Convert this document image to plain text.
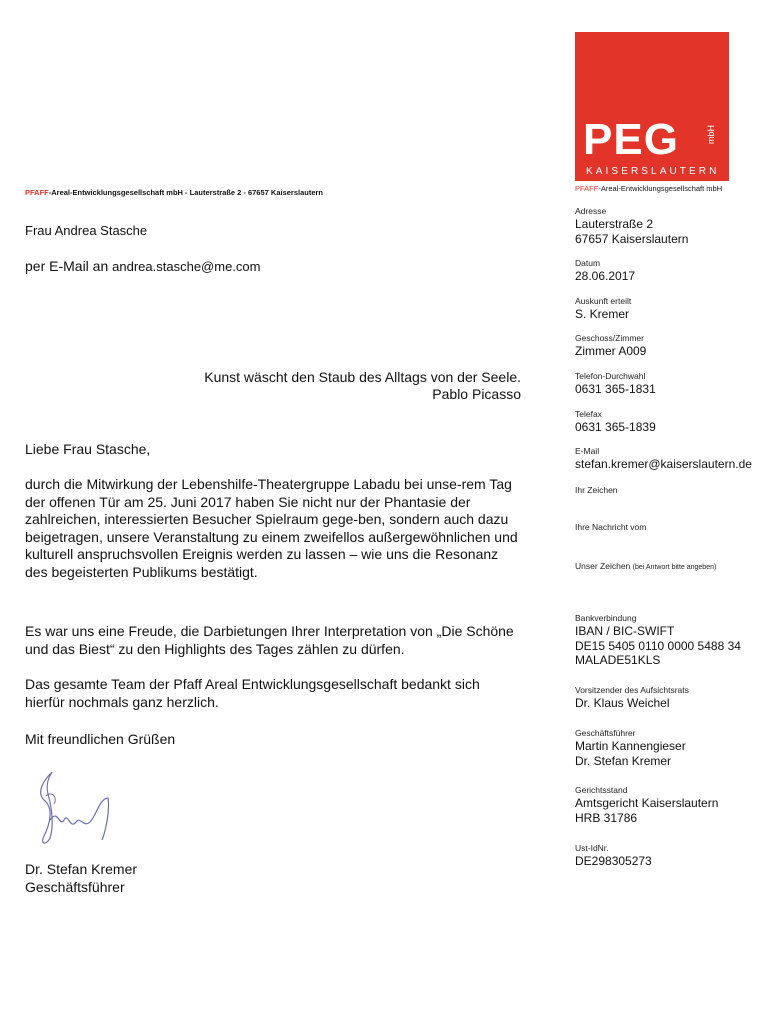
PEG	mbH
KAISERSLAUTERN
PFAFF-Areal-Entwicklungsgesellschaft mbH
PFAFF-Areal-Entwicklungsgesellschaft mbH - Lauterstraße 2 - 67657 Kaiserslautern
Frau Andrea Stasche
per E-Mail an andrea.stasche@me.com
Kunst wäscht den Staub des Alltags von der Seele.
Pablo Picasso
Liebe Frau Stasche,

durch die Mitwirkung der Lebenshilfe-Theatergruppe Labadu bei unse-rem Tag der offenen Tür am 25. Juni 2017 haben Sie nicht nur der Phantasie der zahlreichen, interessierten Besucher Spielraum gege-ben, sondern auch dazu beigetragen, unsere Veranstaltung zu einem zweifellos außergewöhnlichen und kulturell anspruchsvollen Ereignis werden zu lassen – wie uns die Resonanz des begeisterten Publikums bestätigt.

Es war uns eine Freude, die Darbietungen Ihrer Interpretation von „Die Schöne und das Biest“ zu den Highlights des Tages zählen zu dürfen.

Das gesamte Team der Pfaff Areal Entwicklungsgesellschaft bedankt sich hierfür nochmals ganz herzlich.

Mit freundlichen Grüßen
Dr. Stefan Kremer
Geschäftsführer
Adresse
Lauterstraße 2
67657 Kaiserslautern
Datum
28.06.2017
Auskunft erteilt
S. Kremer
Geschoss/Zimmer
Zimmer A009
Telefon-Durchwahl
0631 365-1831
Telefax
0631 365-1839
E-Mail
stefan.kremer@kaiserslautern.de
Ihr Zeichen
Ihre Nachricht vom
Unser Zeichen (bei Antwort bitte angeben)
Bankverbindung
IBAN / BIC-SWIFT
DE15 5405 0110 0000 5488 34
MALADE51KLS
Vorsitzender des Aufsichtsrats
Dr. Klaus Weichel
Geschäftsführer
Martin Kannengieser
Dr. Stefan Kremer
Gerichtsstand
Amtsgericht Kaiserslautern
HRB 31786
Ust-IdNr.
DE298305273
